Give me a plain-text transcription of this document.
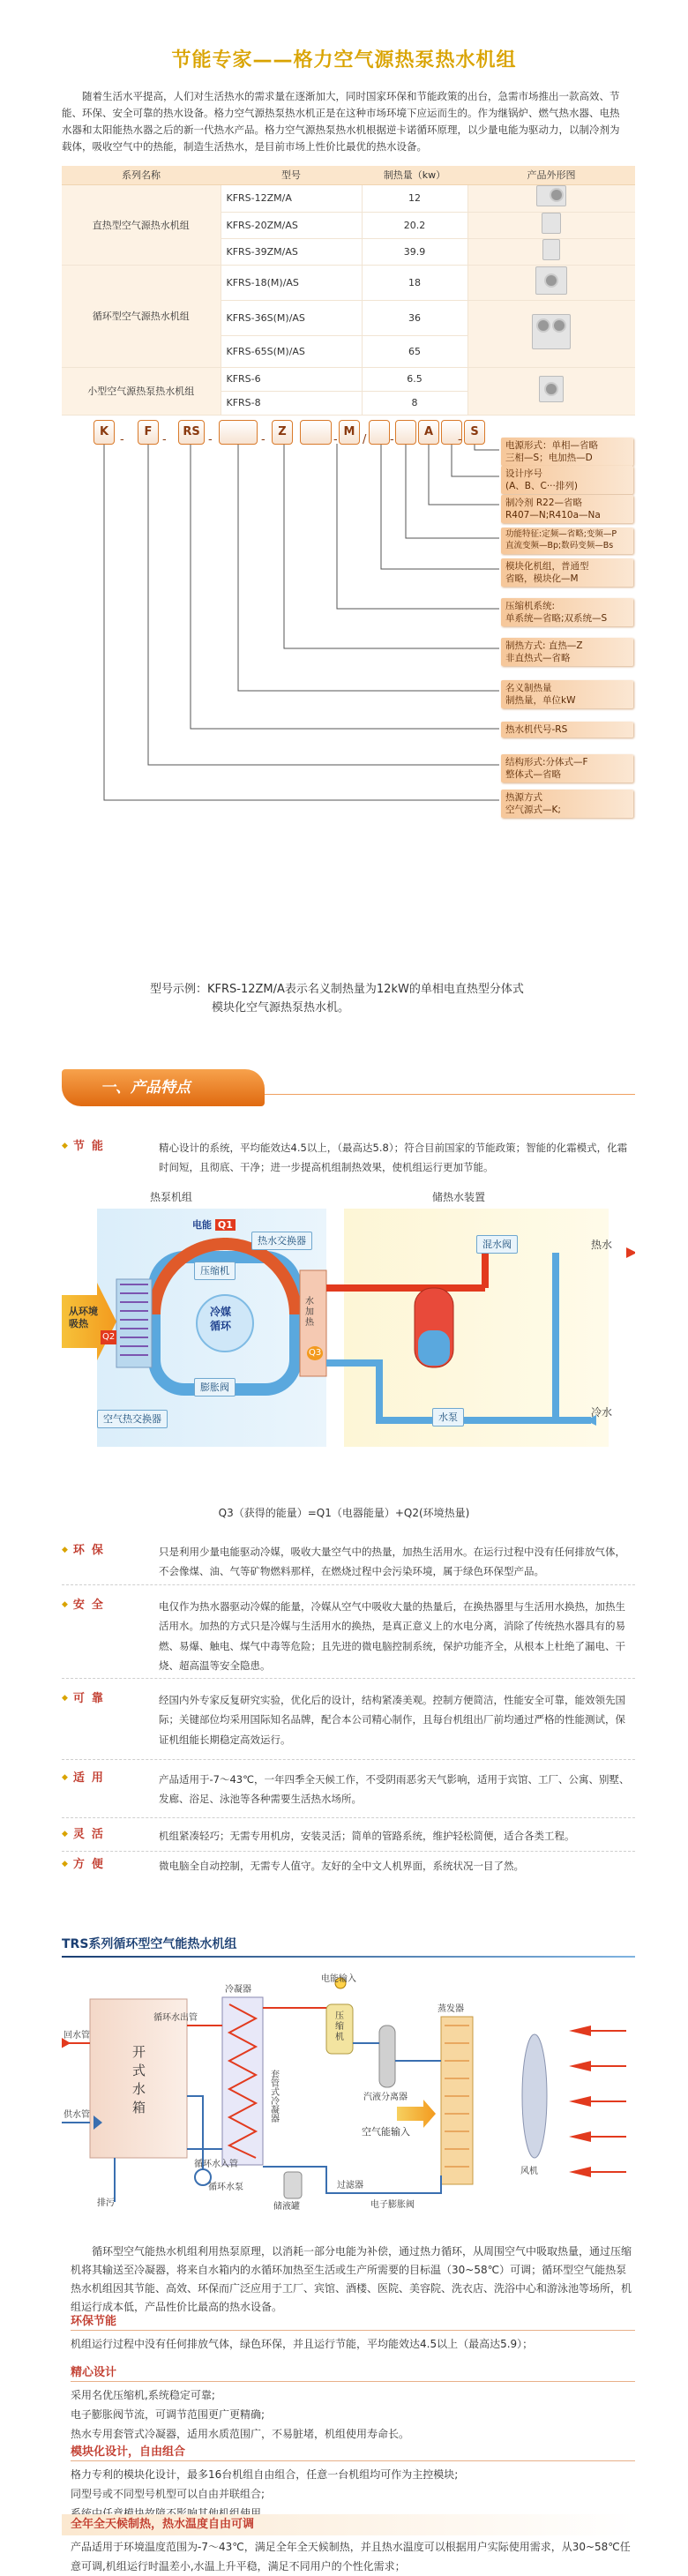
节能专家——格力空气源热泵热水机组

随着生活水平提高，人们对生活热水的需求量在逐渐加大，同时国家环保和节能政策的出台，急需市场推出一款高效、节能、环保、安全可靠的热水设备。格力空气源热泵热水机正是在这种市场环境下应运而生的。作为继锅炉、燃气热水器、电热水器和太阳能热水器之后的新一代热水产品。格力空气源热泵热水机根据逆卡诺循环原理，以少量电能为驱动力，以制冷剂为载体，吸收空气中的热能，制造生活热水，是目前市场上性价比最优的热水设备。

系列名称	型号	制热量（kw）	产品外形图
直热型空气源热水机组	KFRS-12ZM/A	12	

	KFRS-20ZM/AS	20.2	
	KFRS-39ZM/AS	39.9	
循环型空气源热水机组	KFRS-18(M)/AS	18	

	KFRS-36S(M)/AS	36	

	KFRS-65S(M)/AS	65	
小型空气源热泵热水机组	KFRS-6	6.5	

	KFRS-8	8	
K	F	RS	Z	M	A	S
-	-	-	-	- / -	-	电源形式：单相—省略
三相—S；电加热—D
设计序号
(A、B、C···排列)
制冷剂 R22—省略
R407—N;R410a—Na
功能特征:定频—省略;变频—P
直流变频—Bp;数码变频—Bs
模块化机组，普通型
省略，模块化—M
压缩机系统:
单系统—省略;双系统—S
制热方式: 直热—Z
非直热式—省略
名义制热量
制热量，单位kW
热水机代号-RS
结构形式:分体式—F
整体式—省略
热源方式
空气源式—K;
型号示例：KFRS-12ZM/A表示名义制热量为12kW的单相电直热型分体式
模块化空气源热泵热水机。
一、产品特点
◆ 节能	精心设计的系统，平均能效达4.5以上，（最高达5.8）；符合目前国家的节能政策；智能的化霜模式，化霜时间短，且彻底、干净；进一步提高机组制热效果，使机组运行更加节能。
热泵机组	储热水装置
电能 Q1
热水交换器
压缩机
膨胀阀
冷媒
循环
水
加
热
Q3
从环境
吸热
Q2
空气热交换器
混水阀	热水
水泵	冷水
Q3（获得的能量）=Q1（电器能量）+Q2(环境热量)
◆ 环保	只是利用少量电能驱动冷媒，吸收大量空气中的热量，加热生活用水。在运行过程中没有任何排放气体，不会像煤、油、气等矿物燃料那样，在燃烧过程中会污染环境，属于绿色环保型产品。
◆ 安全	电仅作为热水器驱动冷媒的能量，冷媒从空气中吸收大量的热量后，在换热器里与生活用水换热，加热生活用水。加热的方式只是冷媒与生活用水的换热，是真正意义上的水电分离，消除了传统热水器具有的易燃、易爆、触电、煤气中毒等危险；且先进的微电脑控制系统，保护功能齐全，从根本上杜绝了漏电、干烧、超高温等安全隐患。
◆ 可靠	经国内外专家反复研究实验，优化后的设计，结构紧凑美观。控制方便简洁，性能安全可靠，能效领先国际；关键部位均采用国际知名品牌，配合本公司精心制作，且每台机组出厂前均通过严格的性能测试，保证机组能长期稳定高效运行。
◆ 适用	产品适用于-7～43℃，一年四季全天候工作，不受阴雨恶劣天气影响，适用于宾馆、工厂、公寓、别墅、发廊、浴足、泳池等各种需要生活热水场所。
◆ 灵活	机组紧凑轻巧；无需专用机房，安装灵活；简单的管路系统，维护轻松简便，适合各类工程。
◆ 方便	微电脑全自动控制，无需专人值守。友好的全中文人机界面，系统状况一目了然。
TRS系列循环型空气能热水机组
开
式
水
箱
冷凝器
套管式冷凝器
电能输入
压
缩
机
蒸发器
汽液分离器
空气能输入
储液罐
过滤器
电子膨胀阀
风机
循环水出管
循环水入管
循环水泵
回水管
供水管
排污
循环型空气能热水机组利用热泵原理，以消耗一部分电能为补偿，通过热力循环，从周围空气中吸取热量，通过压缩机将其输送至冷凝器，将来自水箱内的水循环加热至生活或生产所需要的目标温（30~58℃）可调；循环型空气能热泵热水机组因其节能、高效、环保而广泛应用于工厂、宾馆、酒楼、医院、美容院、洗衣店、洗浴中心和游泳池等场所，机组运行成本低，产品性价比最高的热水设备。
环保节能
机组运行过程中没有任何排放气体，绿色环保，并且运行节能，平均能效达4.5以上（最高达5.9）；
精心设计
采用名优压缩机,系统稳定可靠;
电子膨胀阀节流，可调节范围更广更精确;
热水专用套管式冷凝器，适用水质范围广，不易脏堵，机组使用寿命长。
模块化设计，自由组合
格力专利的模块化设计，最多16台机组自由组合，任意一台机组均可作为主控模块;
同型号或不同型号机型可以自由并联组合;
全年全天候制热，热水温度自由可调
产品适用于环境温度范围为-7～43℃，满足全年全天候制热，并且热水温度可以根据用户实际使用需求，从30~58℃任意可调,机组运行时温差小,水温上升平稳，满足不同用户的个性化需求；
